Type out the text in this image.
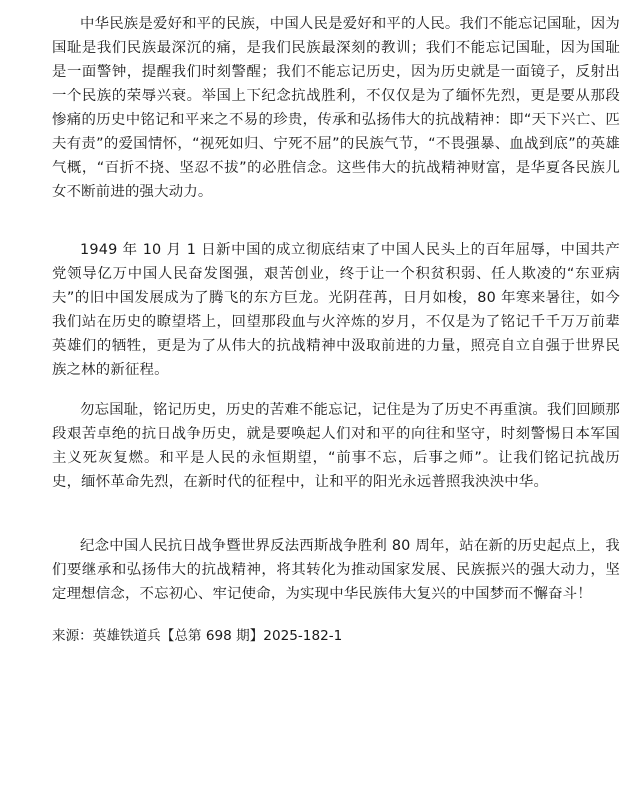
中华民族是爱好和平的民族，中国人民是爱好和平的人民。我们不能忘记国耻，因为国耻是我们民族最深沉的痛，是我们民族最深刻的教训；我们不能忘记国耻，因为国耻是一面警钟，提醒我们时刻警醒；我们不能忘记历史，因为历史就是一面镜子，反射出一个民族的荣辱兴衰。举国上下纪念抗战胜利，不仅仅是为了缅怀先烈，更是要从那段惨痛的历史中铭记和平来之不易的珍贵，传承和弘扬伟大的抗战精神：即“天下兴亡、匹夫有责”的爱国情怀，“视死如归、宁死不屈”的民族气节，“不畏强暴、血战到底”的英雄气概，“百折不挠、坚忍不拔”的必胜信念。这些伟大的抗战精神财富，是华夏各民族儿女不断前进的强大动力。

1949 年 10 月 1 日新中国的成立彻底结束了中国人民头上的百年屈辱，中国共产党领导亿万中国人民奋发图强，艰苦创业，终于让一个积贫积弱、任人欺凌的“东亚病夫”的旧中国发展成为了腾飞的东方巨龙。光阴荏苒，日月如梭，80 年寒来暑往，如今我们站在历史的瞭望塔上，回望那段血与火淬炼的岁月，不仅是为了铭记千千万万前辈英雄们的牺牲，更是为了从伟大的抗战精神中汲取前进的力量，照亮自立自强于世界民族之林的新征程。

勿忘国耻，铭记历史，历史的苦难不能忘记，记住是为了历史不再重演。我们回顾那段艰苦卓绝的抗日战争历史，就是要唤起人们对和平的向往和坚守，时刻警惕日本军国主义死灰复燃。和平是人民的永恒期望，“前事不忘，后事之师”。让我们铭记抗战历史，缅怀革命先烈，在新时代的征程中，让和平的阳光永远普照我泱泱中华。

纪念中国人民抗日战争暨世界反法西斯战争胜利 80 周年，站在新的历史起点上，我们要继承和弘扬伟大的抗战精神，将其转化为推动国家发展、民族振兴的强大动力，坚定理想信念，不忘初心、牢记使命，为实现中华民族伟大复兴的中国梦而不懈奋斗！

来源：英雄铁道兵【总第 698 期】2025-182-1
